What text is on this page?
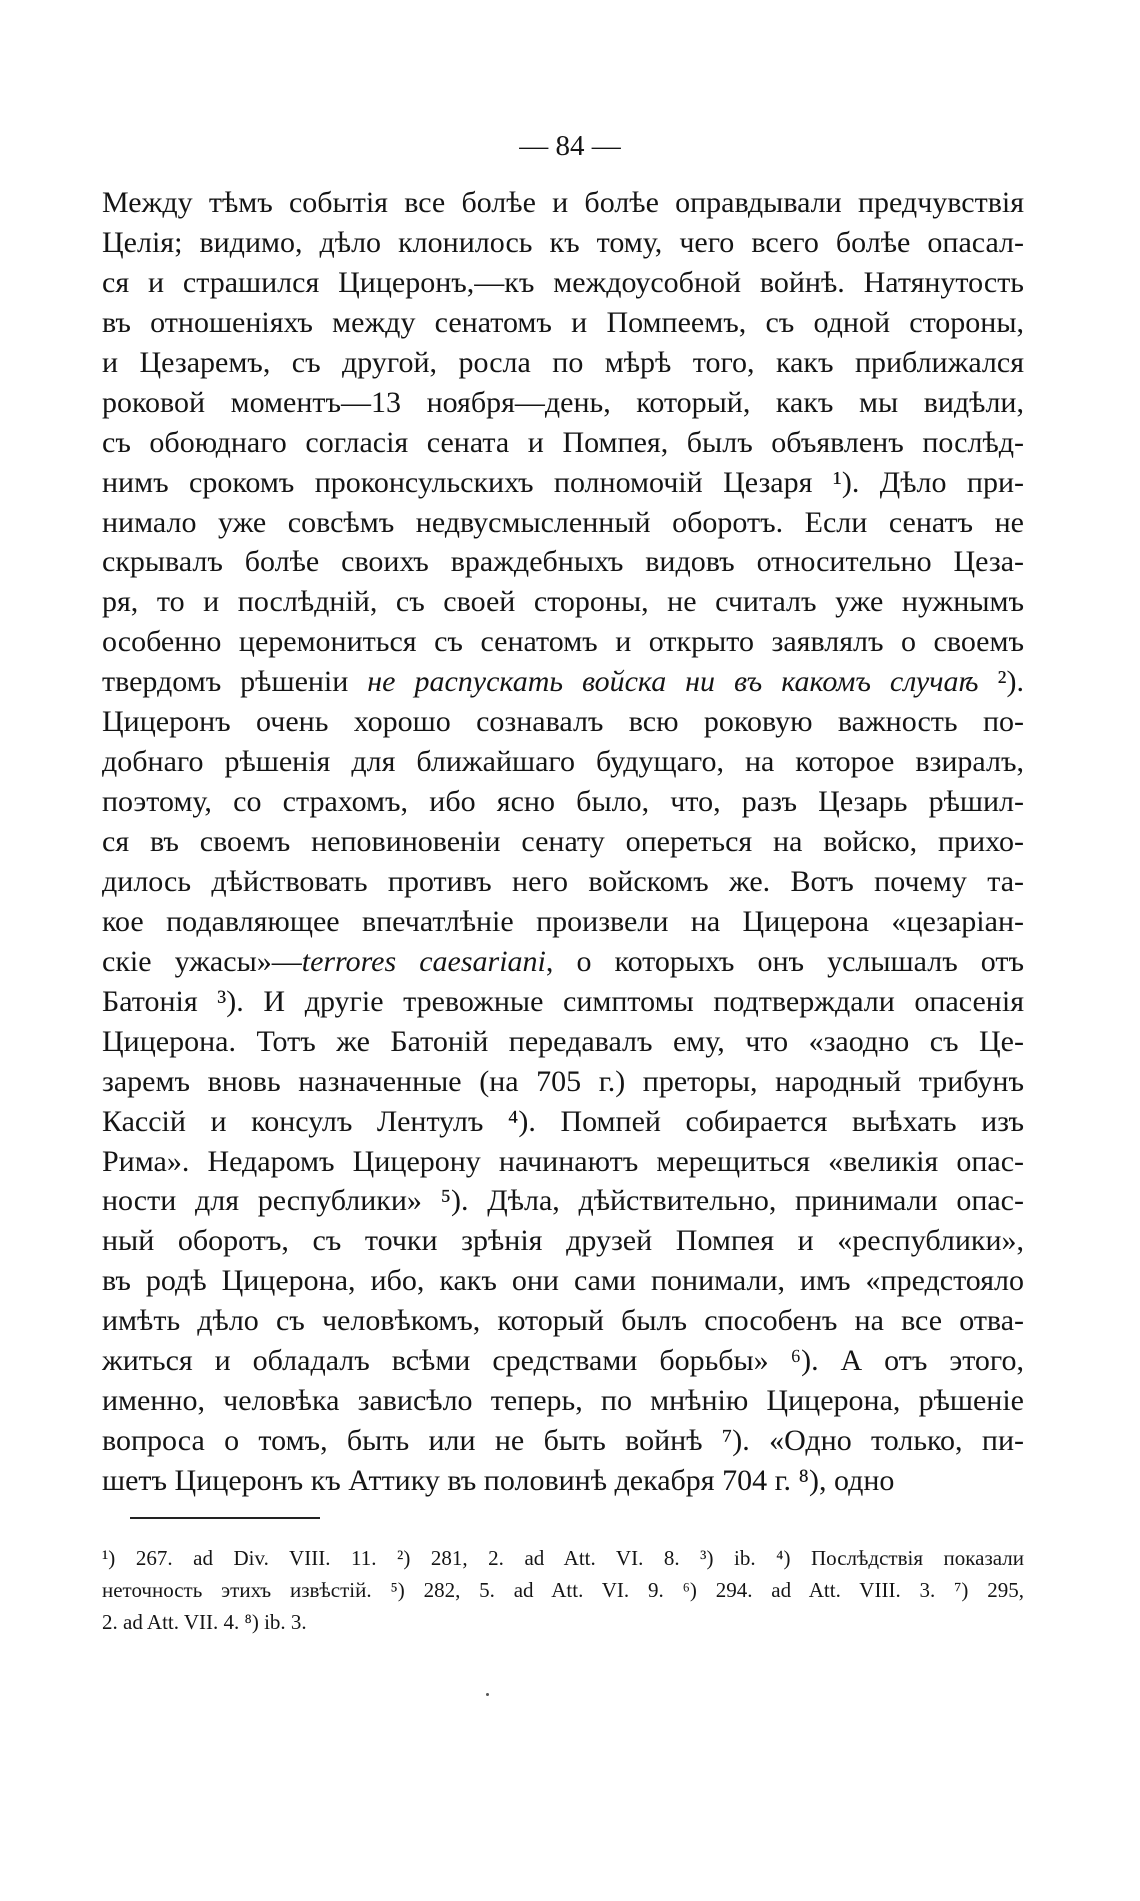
— 84 —
Между тѣмъ событія все болѣе и болѣе оправдывали предчувствія
Целія; видимо, дѣло клонилось къ тому, чего всего болѣе опасал-
ся и страшился Цицеронъ,—къ междоусобной войнѣ. Натянутость
въ отношеніяхъ между сенатомъ и Помпеемъ, съ одной стороны,
и Цезаремъ, съ другой, росла по мѣрѣ того, какъ приближался
роковой моментъ—13 ноября—день, который, какъ мы видѣли,
съ обоюднаго согласія сената и Помпея, былъ объявленъ послѣд-
нимъ срокомъ проконсульскихъ полномочій Цезаря ¹). Дѣло при-
нимало уже совсѣмъ недвусмысленный оборотъ. Если сенатъ не
скрывалъ болѣе своихъ враждебныхъ видовъ относительно Цеза-
ря, то и послѣдній, съ своей стороны, не считалъ уже нужнымъ
особенно церемониться съ сенатомъ и открыто заявлялъ о своемъ
твердомъ рѣшеніи не распускать войска ни въ какомъ случаѣ ²).
Цицеронъ очень хорошо сознавалъ всю роковую важность по-
добнаго рѣшенія для ближайшаго будущаго, на которое взиралъ,
поэтому, со страхомъ, ибо ясно было, что, разъ Цезарь рѣшил-
ся въ своемъ неповиновеніи сенату опереться на войско, прихо-
дилось дѣйствовать противъ него войскомъ же. Вотъ почему та-
кое подавляющее впечатлѣніе произвели на Цицерона «цезаріан-
скіе ужасы»—terrores caesariani, о которыхъ онъ услышалъ отъ
Батонія ³). И другіе тревожные симптомы подтверждали опасенія
Цицерона. Тотъ же Батоній передавалъ ему, что «заодно съ Це-
заремъ вновь назначенные (на 705 г.) преторы, народный трибунъ
Кассій и консулъ Лентулъ ⁴). Помпей собирается выѣхать изъ
Рима». Недаромъ Цицерону начинаютъ мерещиться «великія опас-
ности для республики» ⁵). Дѣла, дѣйствительно, принимали опас-
ный оборотъ, съ точки зрѣнія друзей Помпея и «республики»,
въ родѣ Цицерона, ибо, какъ они сами понимали, имъ «предстояло
имѣть дѣло съ человѣкомъ, который былъ способенъ на все отва-
житься и обладалъ всѣми средствами борьбы» ⁶). А отъ этого,
именно, человѣка зависѣло теперь, по мнѣнію Цицерона, рѣшеніе
вопроса о томъ, быть или не быть войнѣ ⁷). «Одно только, пи-
шетъ Цицеронъ къ Аттику въ половинѣ декабря 704 г. ⁸), одно
¹) 267. ad Div. VIII. 11. ²) 281, 2. ad Att. VI. 8. ³) ib. ⁴) Послѣдствія показали
неточность этихъ извѣстій. ⁵) 282, 5. ad Att. VI. 9. ⁶) 294. ad Att. VIII. 3. ⁷) 295,
2. ad Att. VII. 4. ⁸) ib. 3.
